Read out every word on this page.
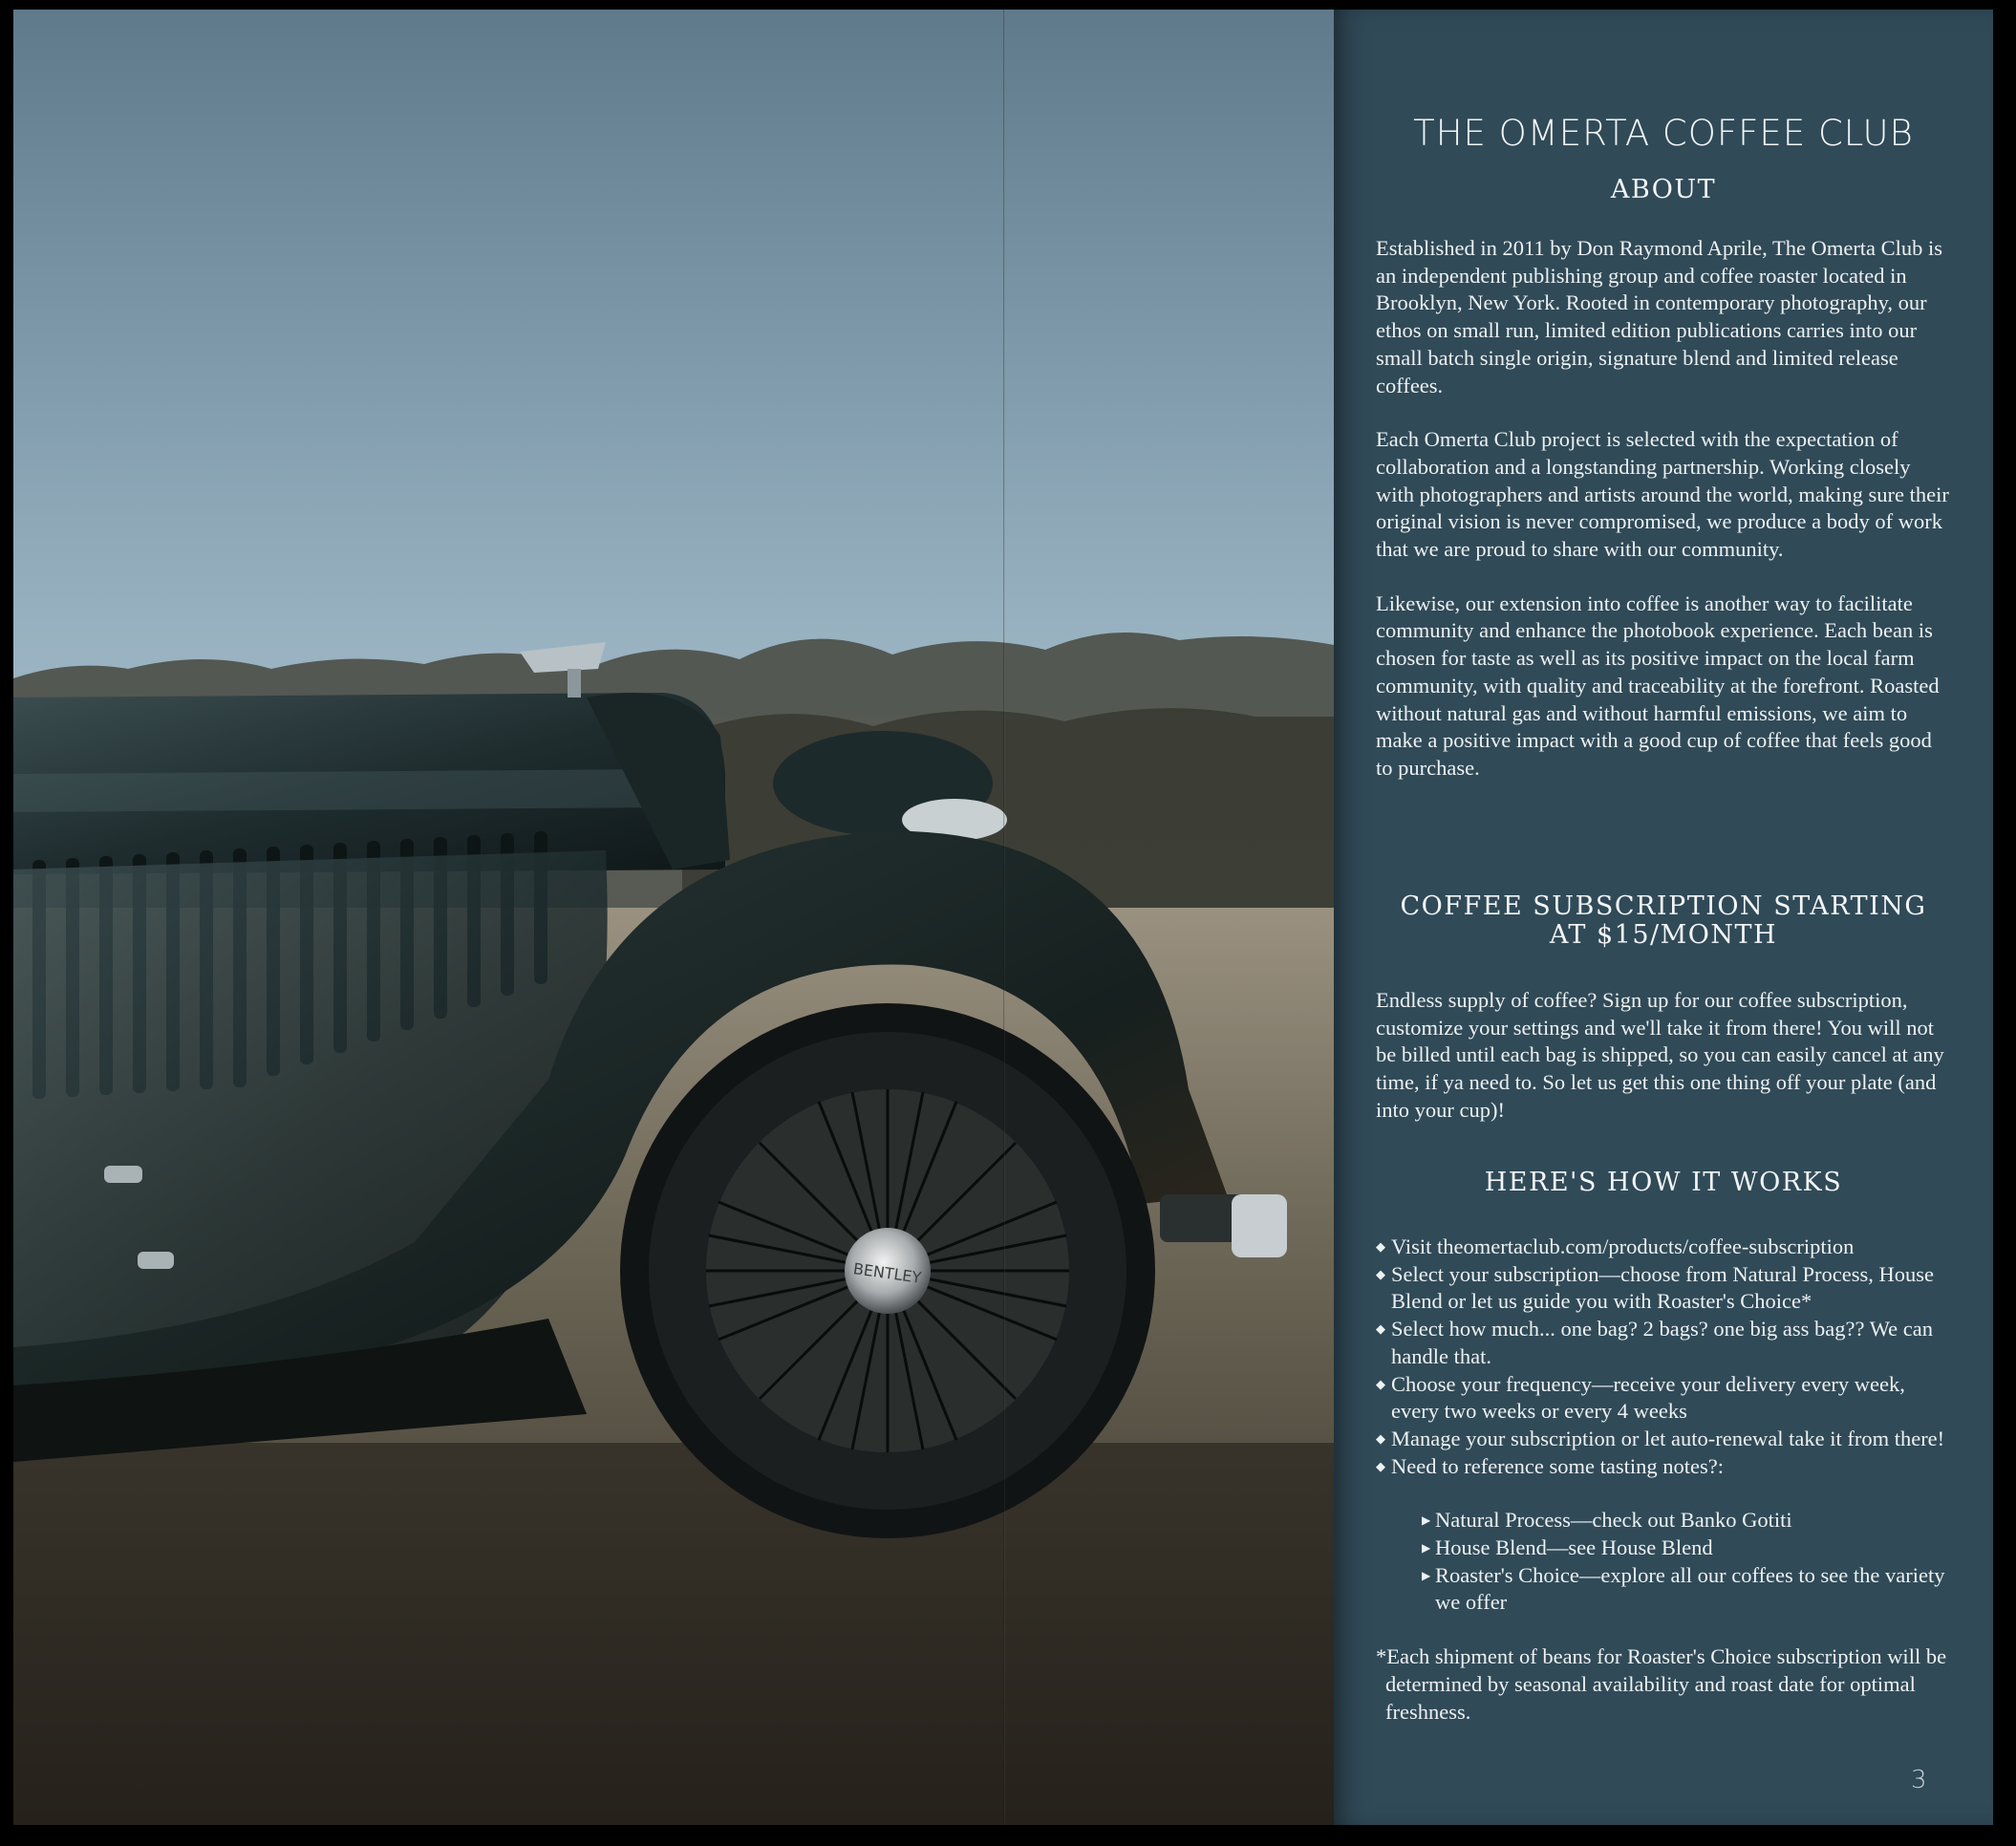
BENTLEY
THE OMERTA COFFEE CLUB
ABOUT

Established in 2011 by Don Raymond Aprile, The Omerta Club is an independent publishing group and coffee roaster located in Brooklyn, New York. Rooted in contemporary photography, our ethos on small run, limited edition publications carries into our small batch single origin, signature blend and limited release coffees.

Each Omerta Club project is selected with the expectation of collaboration and a longstanding partnership. Working closely with photographers and artists around the world, making sure their original vision is never compromised, we produce a body of work that we are proud to share with our community.

Likewise, our extension into coffee is another way to facilitate community and enhance the photobook experience. Each bean is chosen for taste as well as its positive impact on the local farm community, with quality and traceability at the forefront. Roasted without natural gas and without harmful emissions, we aim to make a positive impact with a good cup of coffee that feels good to purchase.

COFFEE SUBSCRIPTION STARTING
AT $15/MONTH
Endless supply of coffee? Sign up for our coffee subscription, customize your settings and we'll take it from there! You will not be billed until each bag is shipped, so you can easily cancel at any time, if ya need to. So let us get this one thing off your plate (and into your cup)!
HERE'S HOW IT WORKS
◆ Visit theomertaclub.com/products/coffee-subscription
◆ Select your subscription—choose from Natural Process, House Blend or let us guide you with Roaster's Choice*
◆ Select how much... one bag? 2 bags? one big ass bag?? We can handle that.
◆ Choose your frequency—receive your delivery every week, every two weeks or every 4 weeks
◆ Manage your subscription or let auto-renewal take it from there!
◆ Need to reference some tasting notes?:
▶ Natural Process—check out Banko Gotiti
▶ House Blend—see House Blend
▶ Roaster's Choice—explore all our coffees to see the variety we offer

*Each shipment of beans for Roaster's Choice subscription will be determined by seasonal availability and roast date for optimal freshness.

3
